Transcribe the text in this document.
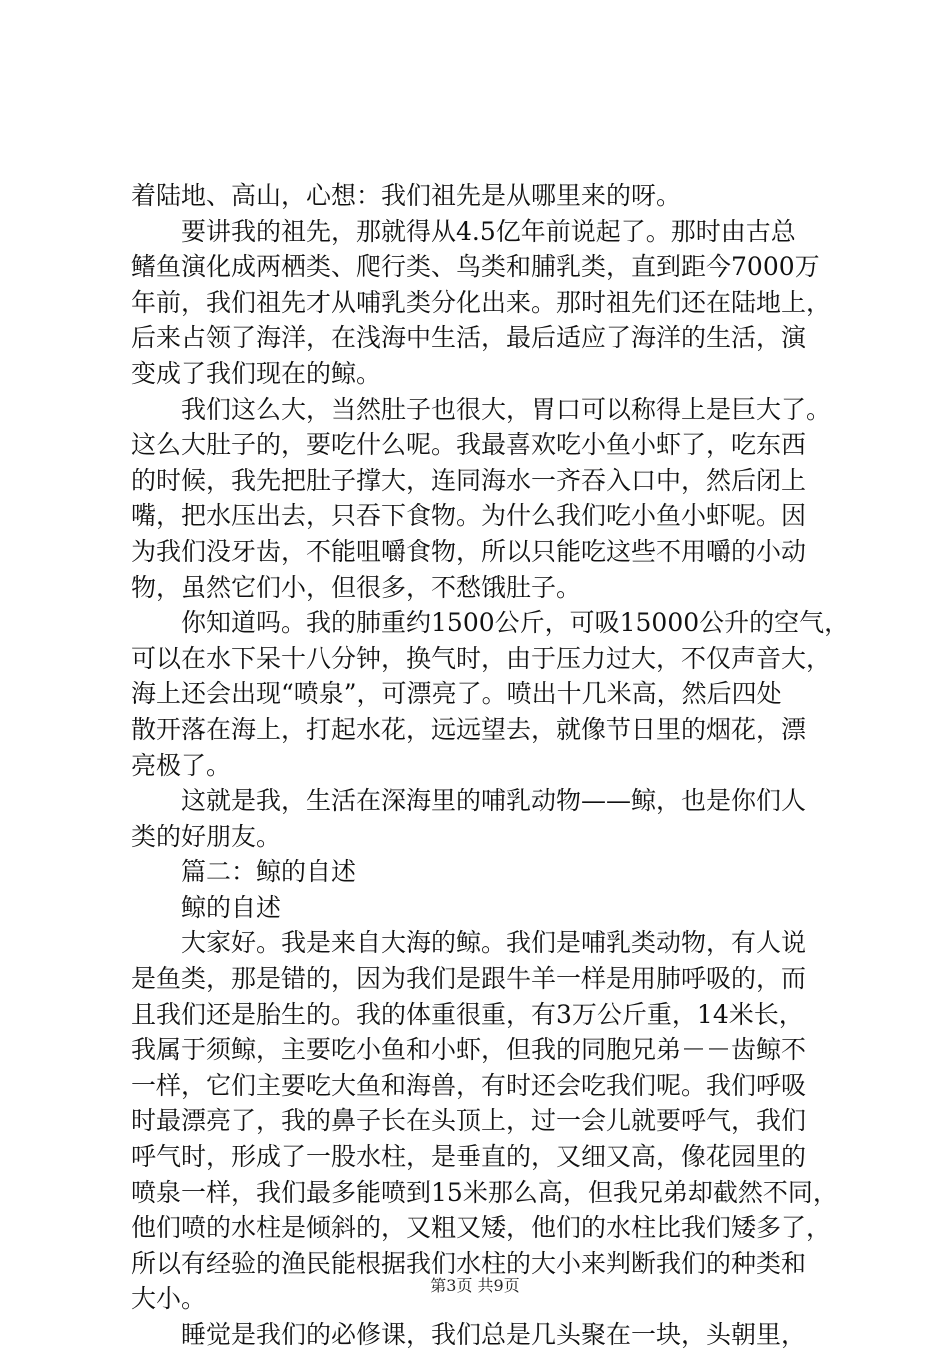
着陆地、高山，心想：我们祖先是从哪里来的呀。
　　要讲我的祖先，那就得从4.5亿年前说起了。那时由古总
鳍鱼演化成两栖类、爬行类、鸟类和脯乳类，直到距今7000万
年前，我们祖先才从哺乳类分化出来。那时祖先们还在陆地上，
后来占领了海洋，在浅海中生活，最后适应了海洋的生活，演
变成了我们现在的鲸。
　　我们这么大，当然肚子也很大，胃口可以称得上是巨大了。
这么大肚子的，要吃什么呢。我最喜欢吃小鱼小虾了，吃东西
的时候，我先把肚子撑大，连同海水一齐吞入口中，然后闭上
嘴，把水压出去，只吞下食物。为什么我们吃小鱼小虾呢。因
为我们没牙齿，不能咀嚼食物，所以只能吃这些不用嚼的小动
物，虽然它们小，但很多，不愁饿肚子。
　　你知道吗。我的肺重约1500公斤，可吸15000公升的空气，
可以在水下呆十八分钟，换气时，由于压力过大，不仅声音大，
海上还会出现“喷泉”，可漂亮了。喷出十几米高，然后四处
散开落在海上，打起水花，远远望去，就像节日里的烟花，漂
亮极了。
　　这就是我，生活在深海里的哺乳动物——鲸，也是你们人
类的好朋友。
　　篇二：鲸的自述
　　鲸的自述
　　大家好。我是来自大海的鲸。我们是哺乳类动物，有人说
是鱼类，那是错的，因为我们是跟牛羊一样是用肺呼吸的，而
且我们还是胎生的。我的体重很重，有3万公斤重，14米长，
我属于须鲸，主要吃小鱼和小虾，但我的同胞兄弟－－齿鲸不
一样，它们主要吃大鱼和海兽，有时还会吃我们呢。我们呼吸
时最漂亮了，我的鼻子长在头顶上，过一会儿就要呼气，我们
呼气时，形成了一股水柱，是垂直的，又细又高，像花园里的
喷泉一样，我们最多能喷到15米那么高，但我兄弟却截然不同，
他们喷的水柱是倾斜的，又粗又矮，他们的水柱比我们矮多了，
所以有经验的渔民能根据我们水柱的大小来判断我们的种类和
大小。
　　睡觉是我们的必修课，我们总是几头聚在一块，头朝里，
第3页 共9页
